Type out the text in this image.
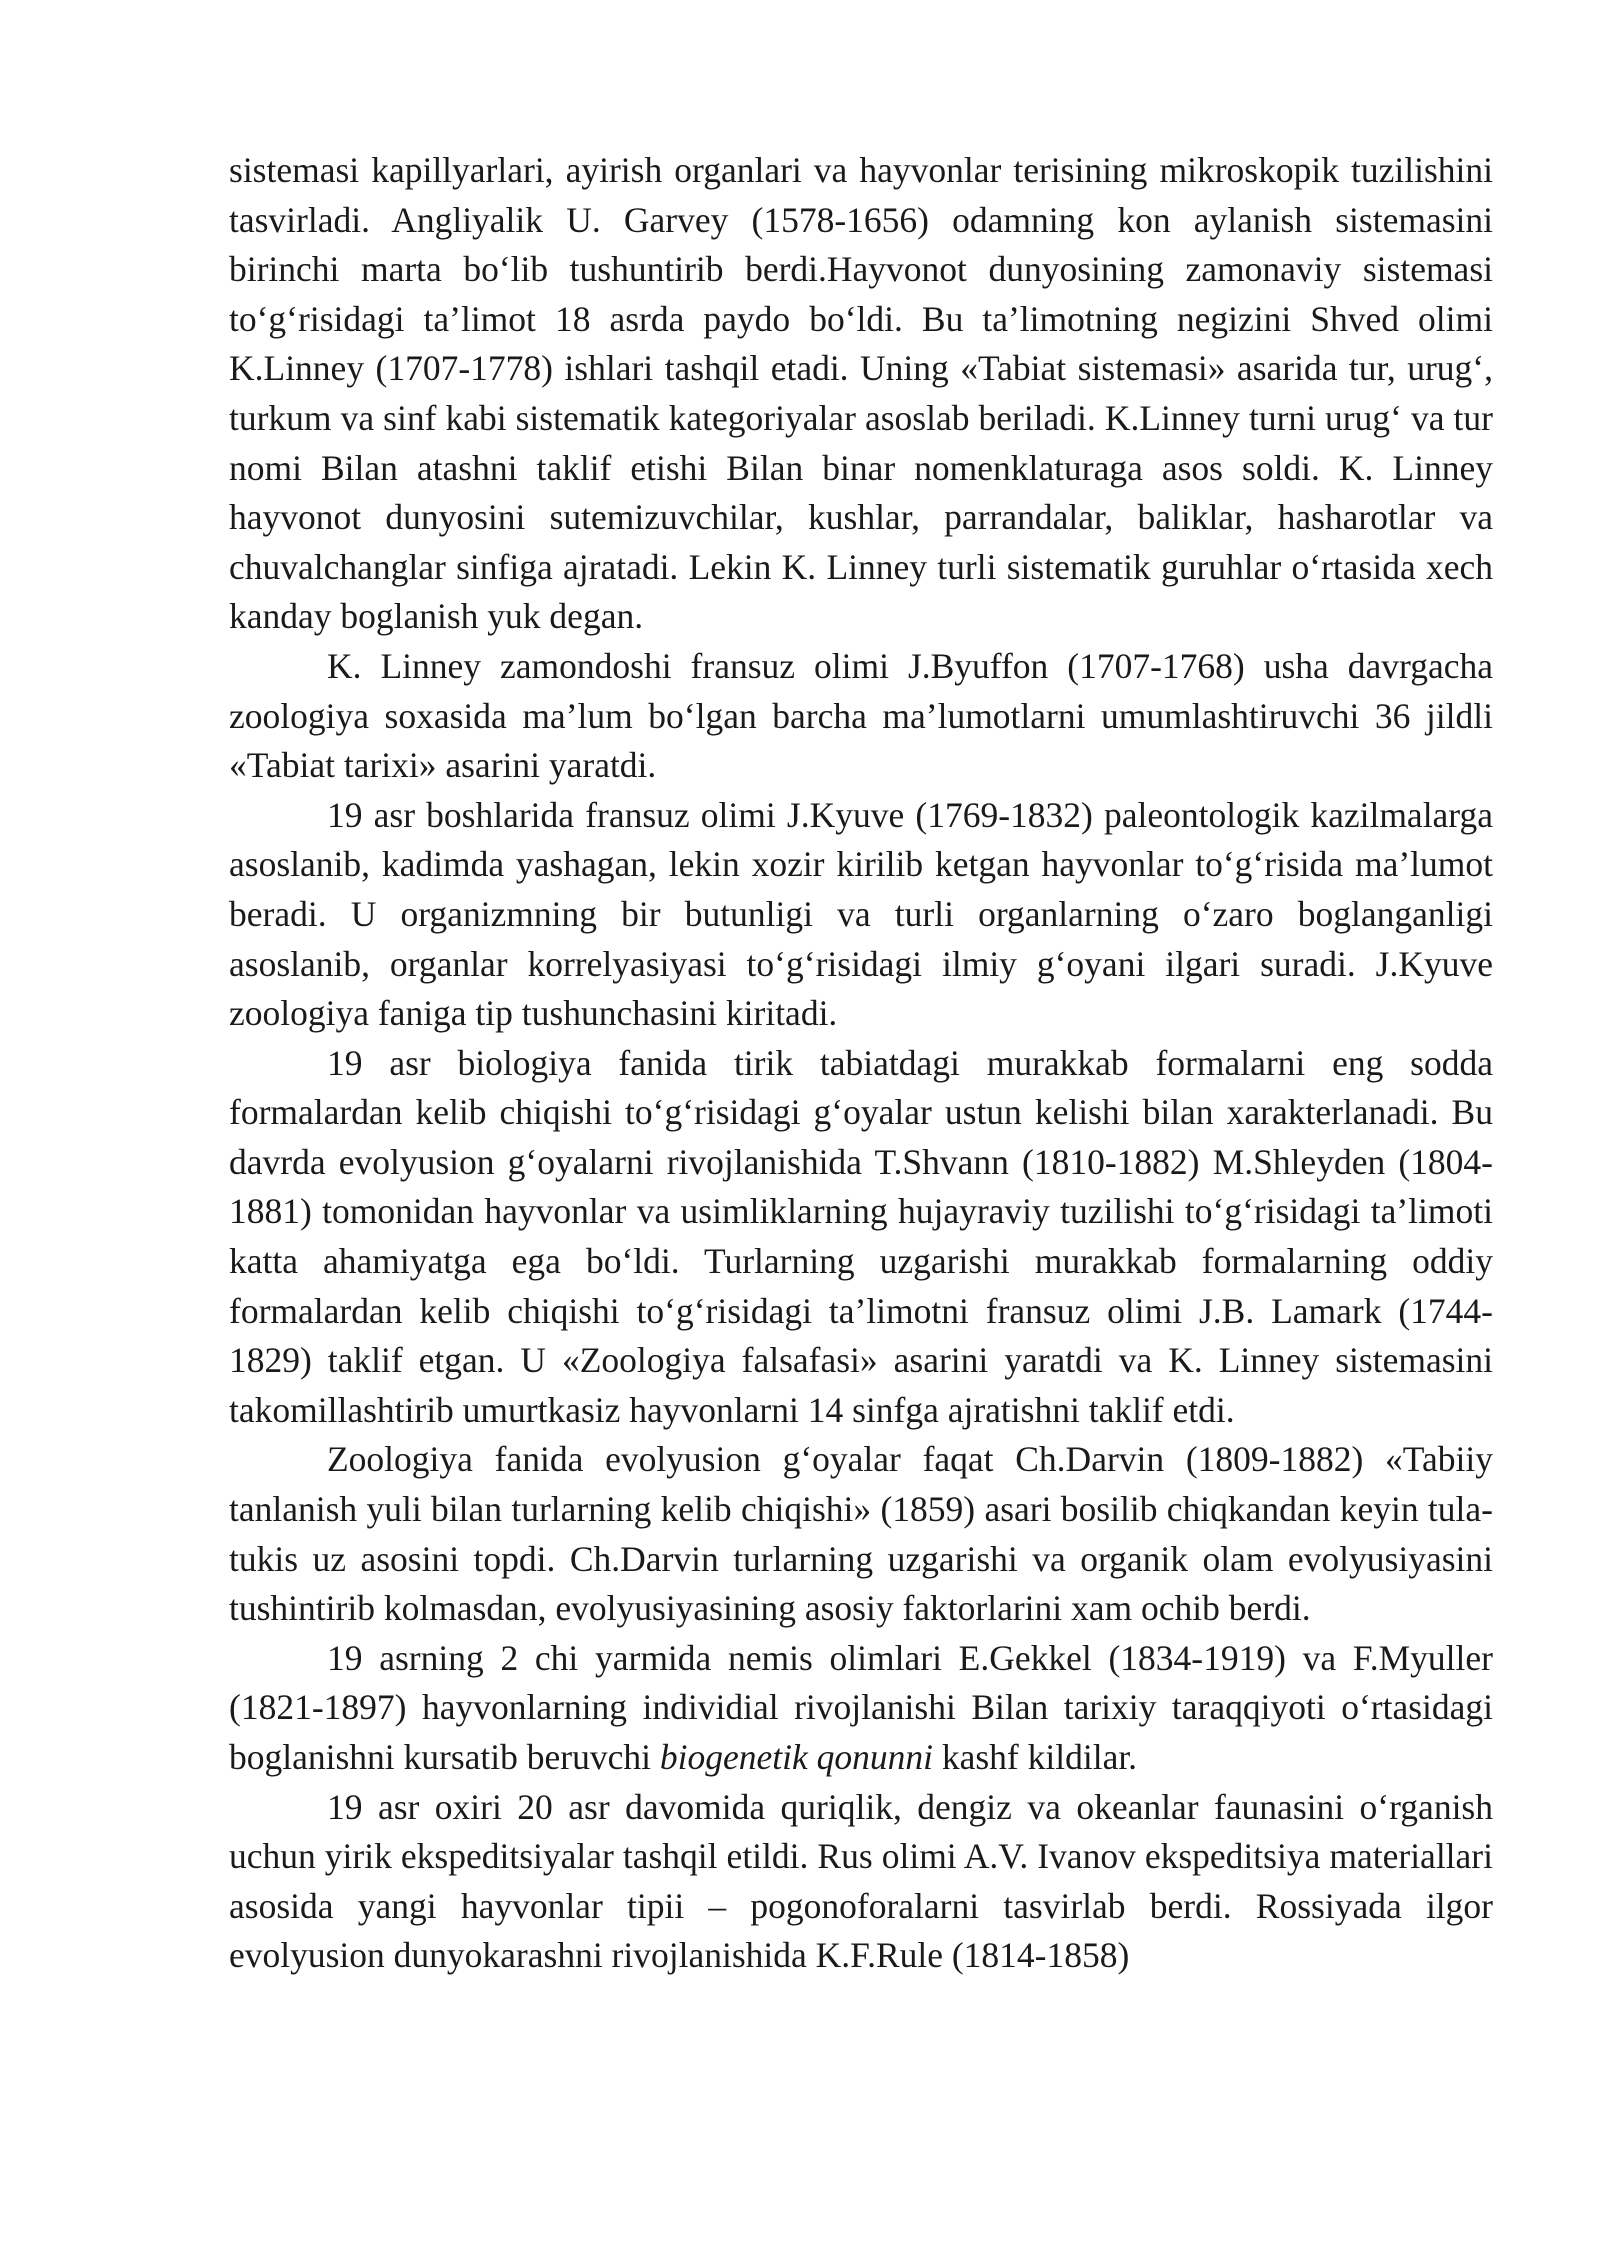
sistemasi kapillyarlari, ayirish organlari va hayvonlar terisining mikroskopik tuzilishini tasvirladi. Angliyalik U. Garvey (1578-1656) odamning kon aylanish sistemasini birinchi marta bo‘lib tushuntirib berdi.Hayvonot dunyosining zamonaviy sistemasi to‘g‘risidagi ta’limot 18 asrda paydo bo‘ldi. Bu ta’limotning negizini Shved olimi K.Linney (1707-1778) ishlari tashqil etadi. Uning «Tabiat sistemasi» asarida tur, urug‘, turkum va sinf kabi sistematik kategoriyalar asoslab beriladi. K.Linney turni urug‘ va tur nomi Bilan atashni taklif etishi Bilan binar nomenklaturaga asos soldi. K. Linney hayvonot dunyosini sutemizuvchilar, kushlar, parrandalar, baliklar, hasharotlar va chuvalchanglar sinfiga ajratadi. Lekin K. Linney turli sistematik guruhlar o‘rtasida xech kanday boglanish yuk degan.

K. Linney zamondoshi fransuz olimi J.Byuffon (1707-1768) usha davrgacha zoologiya soxasida ma’lum bo‘lgan barcha ma’lumotlarni umumlashtiruvchi 36 jildli «Tabiat tarixi» asarini yaratdi.

19 asr boshlarida fransuz olimi J.Kyuve (1769-1832) paleontologik kazilmalarga asoslanib, kadimda yashagan, lekin xozir kirilib ketgan hayvonlar to‘g‘risida ma’lumot beradi. U organizmning bir butunligi va turli organlarning o‘zaro boglanganligi asoslanib, organlar korrelyasiyasi to‘g‘risidagi ilmiy g‘oyani ilgari suradi. J.Kyuve zoologiya faniga tip tushunchasini kiritadi.

19 asr biologiya fanida tirik tabiatdagi murakkab formalarni eng sodda formalardan kelib chiqishi to‘g‘risidagi g‘oyalar ustun kelishi bilan xarakterlanadi. Bu davrda evolyusion g‘oyalarni rivojlanishida T.Shvann (1810-1882) M.Shleyden (1804-1881) tomonidan hayvonlar va usimliklarning hujayraviy tuzilishi to‘g‘risidagi ta’limoti katta ahamiyatga ega bo‘ldi. Turlarning uzgarishi murakkab formalarning oddiy formalardan kelib chiqishi to‘g‘risidagi ta’limotni fransuz olimi J.B. Lamark (1744-1829) taklif etgan. U «Zoologiya falsafasi» asarini yaratdi va K. Linney sistemasini takomillashtirib umurtkasiz hayvonlarni 14 sinfga ajratishni taklif etdi.

Zoologiya fanida evolyusion g‘oyalar faqat Ch.Darvin (1809-1882) «Tabiiy tanlanish yuli bilan turlarning kelib chiqishi» (1859) asari bosilib chiqkandan keyin tula-tukis uz asosini topdi. Ch.Darvin turlarning uzgarishi va organik olam evolyusiyasini tushintirib kolmasdan, evolyusiyasining asosiy faktorlarini xam ochib berdi.

19 asrning 2 chi yarmida nemis olimlari E.Gekkel (1834-1919) va F.Myuller (1821-1897) hayvonlarning individial rivojlanishi Bilan tarixiy taraqqiyoti o‘rtasidagi boglanishni kursatib beruvchi biogenetik qonunni kashf kildilar.

19 asr oxiri 20 asr davomida quriqlik, dengiz va okeanlar faunasini o‘rganish uchun yirik ekspeditsiyalar tashqil etildi. Rus olimi A.V. Ivanov ekspeditsiya materiallari asosida yangi hayvonlar tipii – pogonoforalarni tasvirlab berdi. Rossiyada ilgor evolyusion dunyokarashni rivojlanishida K.F.Rule (1814-1858)
